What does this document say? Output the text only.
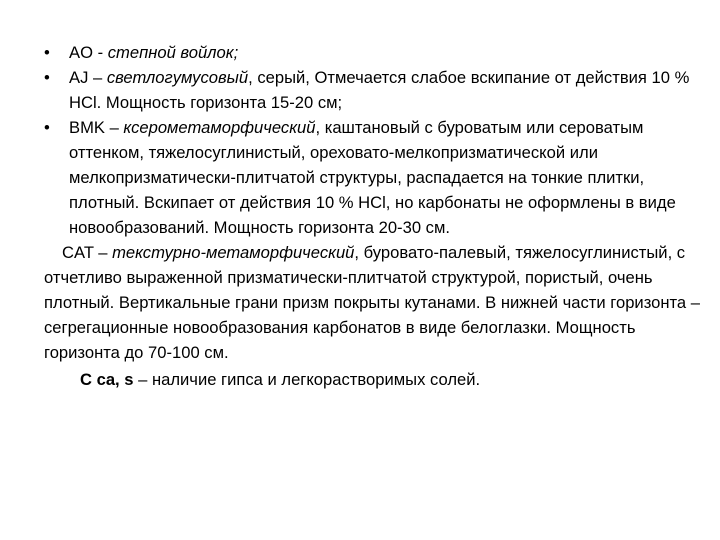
• AO - степной войлок;
• AJ – светлогумусовый, серый, Отмечается слабое вскипание от действия 10 % HCl. Мощность горизонта 15-20 см;
• BMK – ксерометаморфический, каштановый с буроватым или сероватым оттенком, тяжелосуглинистый, ореховато-мелкопризматической или мелкопризматически-плитчатой структуры, распадается на тонкие плитки, плотный. Вскипает от действия 10 % HCl, но карбонаты не оформлены в виде новообразований. Мощность горизонта 20-30 см.

CAT – текстурно-метаморфический, буровато-палевый, тяжелосуглинистый, с отчетливо выраженной призматически-плитчатой структурой, пористый, очень плотный. Вертикальные грани призм покрыты кутанами. В нижней части горизонта – сегрегационные новообразования карбонатов в виде белоглазки. Мощность горизонта до 70-100 см.

C ca, s – наличие гипса и легкорастворимых солей.
